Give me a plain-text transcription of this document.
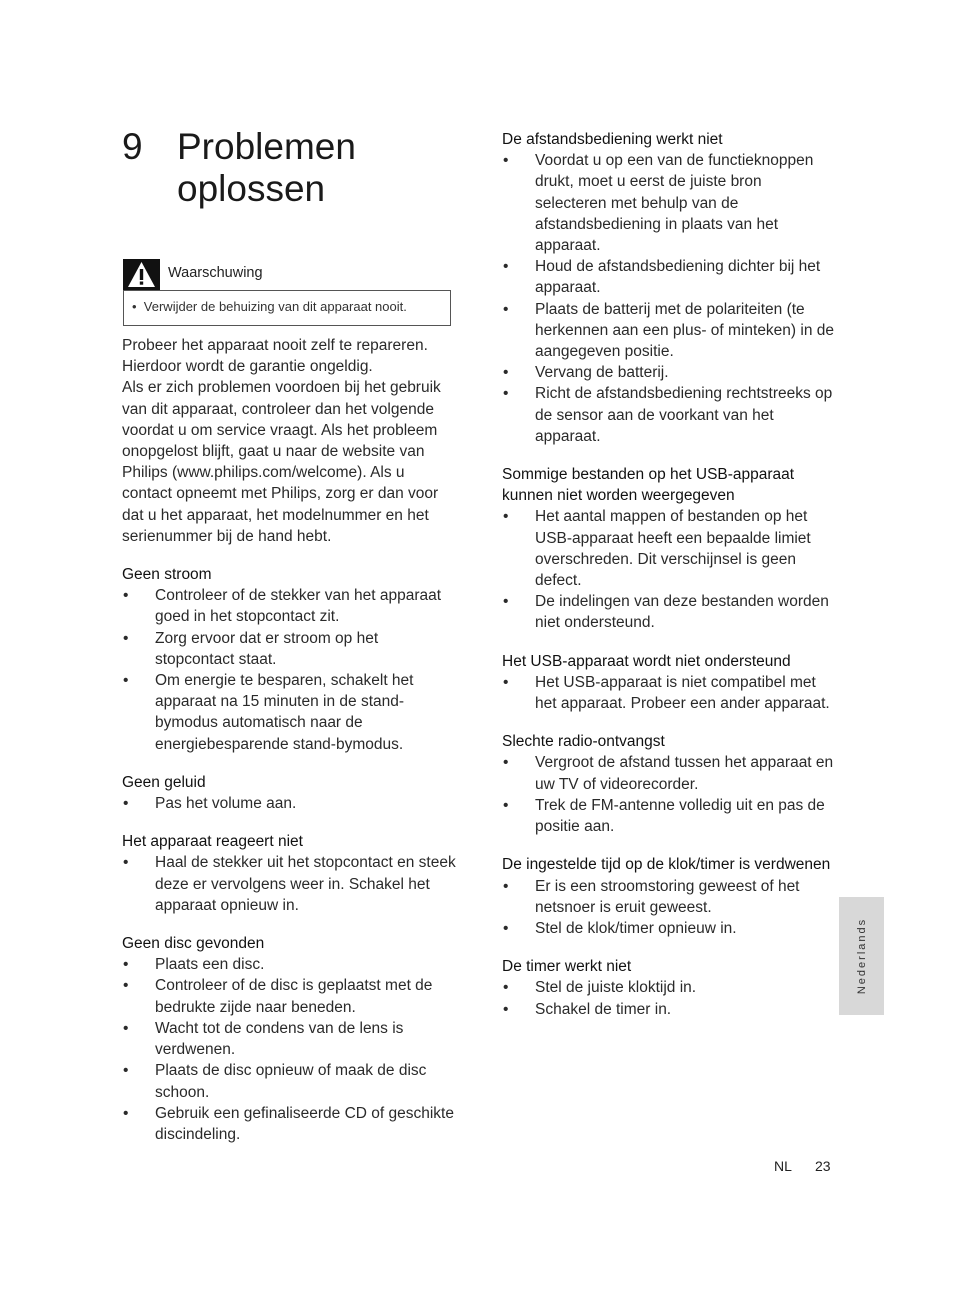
9 Problemen oplossen
Waarschuwing
• Verwijder de behuizing van dit apparaat nooit.

Probeer het apparaat nooit zelf te repareren. Hierdoor wordt de garantie ongeldig.

Als er zich problemen voordoen bij het gebruik van dit apparaat, controleer dan het volgende voordat u om service vraagt. Als het probleem onopgelost blijft, gaat u naar de website van Philips (www.philips.com/welcome). Als u contact opneemt met Philips, zorg er dan voor dat u het apparaat, het modelnummer en het serienummer bij de hand hebt.

Geen stroom
• Controleer of de stekker van het apparaat goed in het stopcontact zit.
• Zorg ervoor dat er stroom op het stopcontact staat.
• Om energie te besparen, schakelt het apparaat na 15 minuten in de stand-bymodus automatisch naar de energiebesparende stand-bymodus.
Geen geluid
• Pas het volume aan.
Het apparaat reageert niet
• Haal de stekker uit het stopcontact en steek deze er vervolgens weer in. Schakel het apparaat opnieuw in.
Geen disc gevonden
• Plaats een disc.
• Controleer of de disc is geplaatst met de bedrukte zijde naar beneden.
• Wacht tot de condens van de lens is verdwenen.
• Plaats de disc opnieuw of maak de disc schoon.
• Gebruik een gefinaliseerde CD of geschikte discindeling.
De afstandsbediening werkt niet
• Voordat u op een van de functieknoppen drukt, moet u eerst de juiste bron selecteren met behulp van de afstandsbediening in plaats van het apparaat.
• Houd de afstandsbediening dichter bij het apparaat.
• Plaats de batterij met de polariteiten (te herkennen aan een plus- of minteken) in de aangegeven positie.
• Vervang de batterij.
• Richt de afstandsbediening rechtstreeks op de sensor aan de voorkant van het apparaat.
Sommige bestanden op het USB-apparaat kunnen niet worden weergegeven
• Het aantal mappen of bestanden op het USB-apparaat heeft een bepaalde limiet overschreden. Dit verschijnsel is geen defect.
• De indelingen van deze bestanden worden niet ondersteund.
Het USB-apparaat wordt niet ondersteund
• Het USB-apparaat is niet compatibel met het apparaat. Probeer een ander apparaat.
Slechte radio-ontvangst
• Vergroot de afstand tussen het apparaat en uw TV of videorecorder.
• Trek de FM-antenne volledig uit en pas de positie aan.
De ingestelde tijd op de klok/timer is verdwenen
• Er is een stroomstoring geweest of het netsnoer is eruit geweest.
• Stel de klok/timer opnieuw in.
De timer werkt niet
• Stel de juiste kloktijd in.
• Schakel de timer in.
Nederlands
NL 23
